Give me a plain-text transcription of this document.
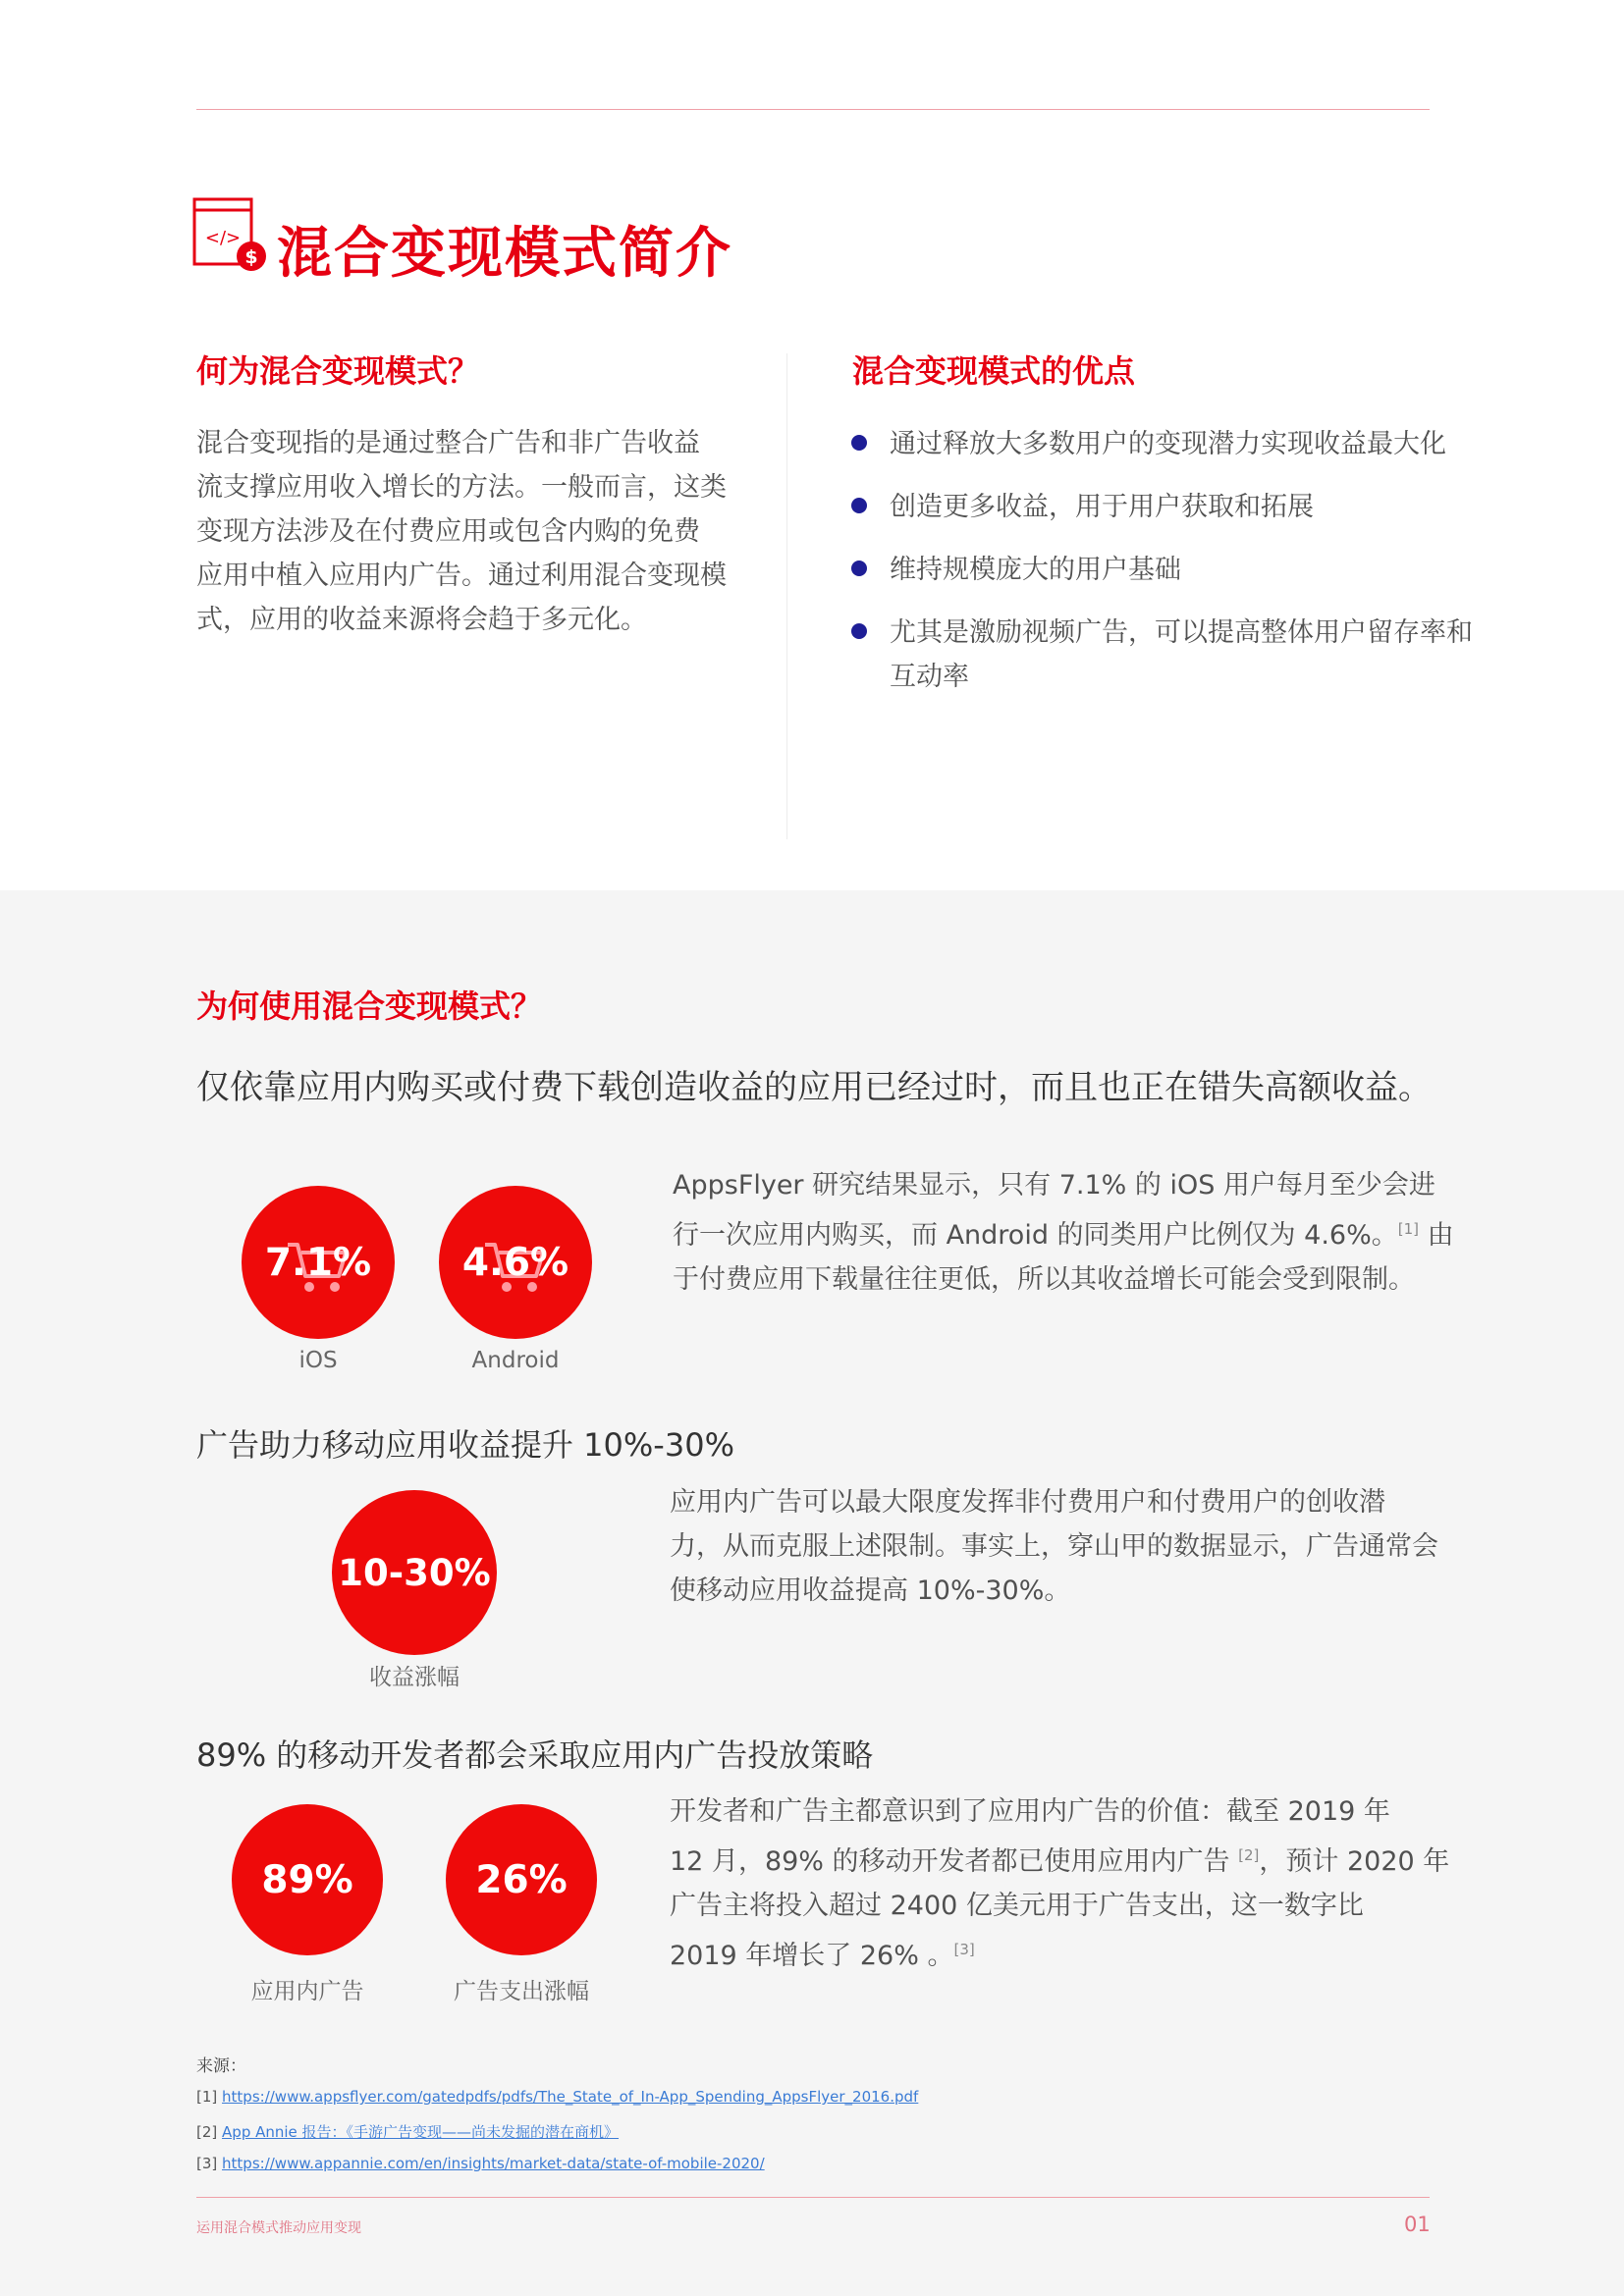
</>
$ 混合变现模式简介
何为混合变现模式？
混合变现指的是通过整合广告和非广告收益
流支撑应用收入增长的方法。一般而言，这类
变现方法涉及在付费应用或包含内购的免费
应用中植入应用内广告。通过利用混合变现模
式，应用的收益来源将会趋于多元化。
混合变现模式的优点
通过释放大多数用户的变现潜力实现收益最大化
创造更多收益，用于用户获取和拓展
维持规模庞大的用户基础
尤其是激励视频广告，可以提高整体用户留存率和
互动率
为何使用混合变现模式？
仅依靠应用内购买或付费下载创造收益的应用已经过时，而且也正在错失高额收益。
7.1%
iOS
4.6%
Android
AppsFlyer 研究结果显示，只有 7.1% 的 iOS 用户每月至少会进
行一次应用内购买，而 Android 的同类用户比例仅为 4.6%。[1] 由
于付费应用下载量往往更低，所以其收益增长可能会受到限制。
广告助力移动应用收益提升 10%-30%
10-30%
收益涨幅
应用内广告可以最大限度发挥非付费用户和付费用户的创收潜
力，从而克服上述限制。事实上，穿山甲的数据显示，广告通常会
使移动应用收益提高 10%-30%。
89% 的移动开发者都会采取应用内广告投放策略
89%
应用内广告
26%
广告支出涨幅
开发者和广告主都意识到了应用内广告的价值：截至 2019 年
12 月，89% 的移动开发者都已使用应用内广告 [2]，预计 2020 年
广告主将投入超过 2400 亿美元用于广告支出，这一数字比
2019 年增长了 26% 。[3]
来源：
[1] https://www.appsflyer.com/gatedpdfs/pdfs/The_State_of_In-App_Spending_AppsFlyer_2016.pdf
[2] App Annie 报告：《手游广告变现——尚未发掘的潜在商机》
[3] https://www.appannie.com/en/insights/market-data/state-of-mobile-2020/
运用混合模式推动应用变现	01
